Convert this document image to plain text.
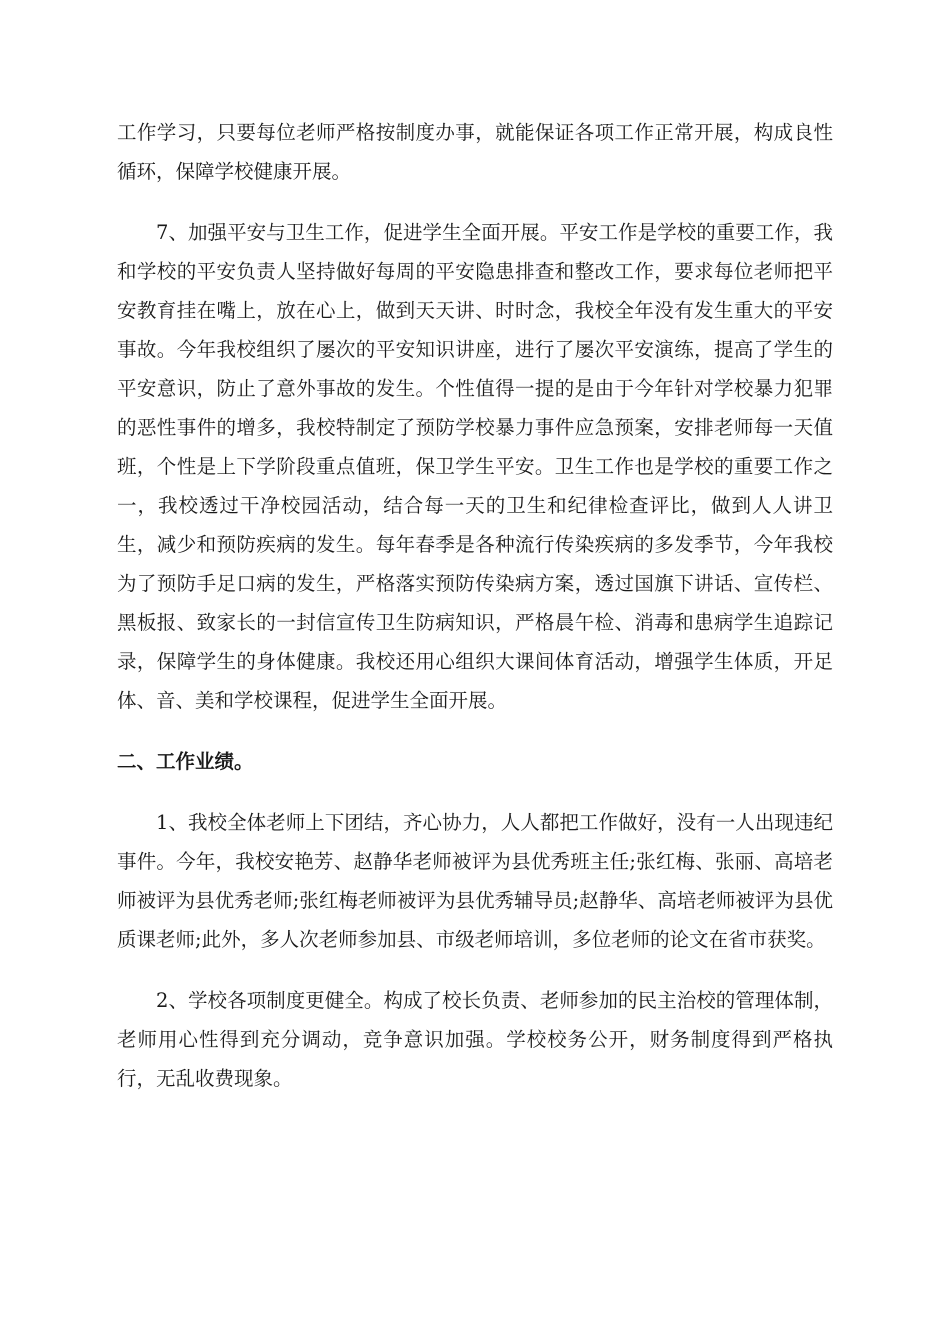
工作学习，只要每位老师严格按制度办事，就能保证各项工作正常开展，构成良性循环，保障学校健康开展。

7、加强平安与卫生工作，促进学生全面开展。平安工作是学校的重要工作，我和学校的平安负责人坚持做好每周的平安隐患排查和整改工作，要求每位老师把平安教育挂在嘴上，放在心上，做到天天讲、时时念，我校全年没有发生重大的平安事故。今年我校组织了屡次的平安知识讲座，进行了屡次平安演练，提高了学生的平安意识，防止了意外事故的发生。个性值得一提的是由于今年针对学校暴力犯罪的恶性事件的增多，我校特制定了预防学校暴力事件应急预案，安排老师每一天值班，个性是上下学阶段重点值班，保卫学生平安。卫生工作也是学校的重要工作之一，我校透过干净校园活动，结合每一天的卫生和纪律检查评比，做到人人讲卫生，减少和预防疾病的发生。每年春季是各种流行传染疾病的多发季节，今年我校为了预防手足口病的发生，严格落实预防传染病方案，透过国旗下讲话、宣传栏、黑板报、致家长的一封信宣传卫生防病知识，严格晨午检、消毒和患病学生追踪记录，保障学生的身体健康。我校还用心组织大课间体育活动，增强学生体质，开足体、音、美和学校课程，促进学生全面开展。

二、工作业绩。

1、我校全体老师上下团结，齐心协力，人人都把工作做好，没有一人出现违纪事件。今年，我校安艳芳、赵静华老师被评为县优秀班主任;张红梅、张丽、高培老师被评为县优秀老师;张红梅老师被评为县优秀辅导员;赵静华、高培老师被评为县优质课老师;此外，多人次老师参加县、市级老师培训，多位老师的论文在省市获奖。

2、学校各项制度更健全。构成了校长负责、老师参加的民主治校的管理体制，老师用心性得到充分调动，竞争意识加强。学校校务公开，财务制度得到严格执行，无乱收费现象。
